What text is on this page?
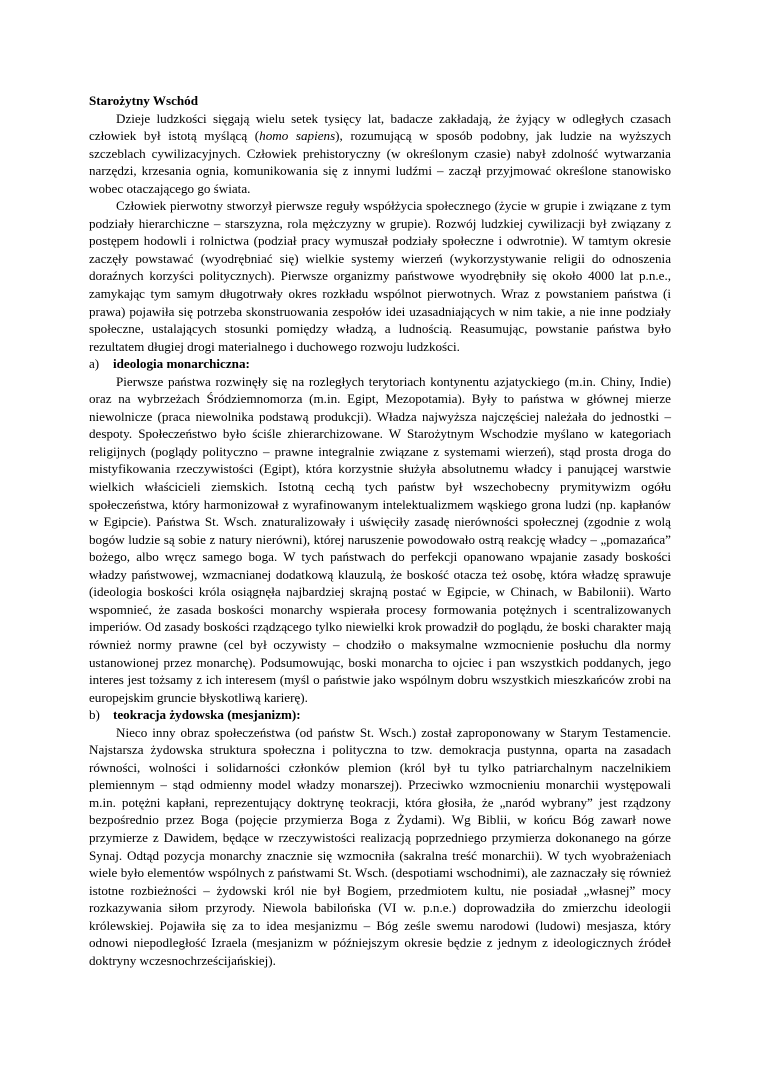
Starożytny Wschód

Dzieje ludzkości sięgają wielu setek tysięcy lat, badacze zakładają, że żyjący w odległych czasach człowiek był istotą myślącą (homo sapiens), rozumującą w sposób podobny, jak ludzie na wyższych szczeblach cywilizacyjnych. Człowiek prehistoryczny (w określonym czasie) nabył zdolność wytwarzania narzędzi, krzesania ognia, komunikowania się z innymi ludźmi – zaczął przyjmować określone stanowisko wobec otaczającego go świata.

Człowiek pierwotny stworzył pierwsze reguły współżycia społecznego (życie w grupie i związane z tym podziały hierarchiczne – starszyzna, rola mężczyzny w grupie). Rozwój ludzkiej cywilizacji był związany z postępem hodowli i rolnictwa (podział pracy wymuszał podziały społeczne i odwrotnie). W tamtym okresie zaczęły powstawać (wyodrębniać się) wielkie systemy wierzeń (wykorzystywanie religii do odnoszenia doraźnych korzyści politycznych). Pierwsze organizmy państwowe wyodrębniły się około 4000 lat p.n.e., zamykając tym samym długotrwały okres rozkładu wspólnot pierwotnych. Wraz z powstaniem państwa (i prawa) pojawiła się potrzeba skonstruowania zespołów idei uzasadniających w nim takie, a nie inne podziały społeczne, ustalających stosunki pomiędzy władzą, a ludnością. Reasumując, powstanie państwa było rezultatem długiej drogi materialnego i duchowego rozwoju ludzkości.

a)	ideologia monarchiczna:

Pierwsze państwa rozwinęły się na rozległych terytoriach kontynentu azjatyckiego (m.in. Chiny, Indie) oraz na wybrzeżach Śródziemnomorza (m.in. Egipt, Mezopotamia). Były to państwa w głównej mierze niewolnicze (praca niewolnika podstawą produkcji). Władza najwyższa najczęściej należała do jednostki – despoty. Społeczeństwo było ściśle zhierarchizowane. W Starożytnym Wschodzie myślano w kategoriach religijnych (poglądy polityczno – prawne integralnie związane z systemami wierzeń), stąd prosta droga do mistyfikowania rzeczywistości (Egipt), która korzystnie służyła absolutnemu władcy i panującej warstwie wielkich właścicieli ziemskich. Istotną cechą tych państw był wszechobecny prymitywizm ogółu społeczeństwa, który harmonizował z wyrafinowanym intelektualizmem wąskiego grona ludzi (np. kapłanów w Egipcie). Państwa St. Wsch. znaturalizowały i uświęciły zasadę nierówności społecznej (zgodnie z wolą bogów ludzie są sobie z natury nierówni), której naruszenie powodowało ostrą reakcję władcy – „pomazańca” bożego, albo wręcz samego boga. W tych państwach do perfekcji opanowano wpajanie zasady boskości władzy państwowej, wzmacnianej dodatkową klauzulą, że boskość otacza też osobę, która władzę sprawuje (ideologia boskości króla osiągnęła najbardziej skrajną postać w Egipcie, w Chinach, w Babilonii). Warto wspomnieć, że zasada boskości monarchy wspierała procesy formowania potężnych i scentralizowanych imperiów. Od zasady boskości rządzącego tylko niewielki krok prowadził do poglądu, że boski charakter mają również normy prawne (cel był oczywisty – chodziło o maksymalne wzmocnienie posłuchu dla normy ustanowionej przez monarchę). Podsumowując, boski monarcha to ojciec i pan wszystkich poddanych, jego interes jest tożsamy z ich interesem (myśl o państwie jako wspólnym dobru wszystkich mieszkańców zrobi na europejskim gruncie błyskotliwą karierę).

b) teokracja żydowska (mesjanizm):

Nieco inny obraz społeczeństwa (od państw St. Wsch.) został zaproponowany w Starym Testamencie. Najstarsza żydowska struktura społeczna i polityczna to tzw. demokracja pustynna, oparta na zasadach równości, wolności i solidarności członków plemion (król był tu tylko patriarchalnym naczelnikiem plemiennym – stąd odmienny model władzy monarszej). Przeciwko wzmocnieniu monarchii występowali m.in. potężni kapłani, reprezentujący doktrynę teokracji, która głosiła, że „naród wybrany” jest rządzony bezpośrednio przez Boga (pojęcie przymierza Boga z Żydami). Wg Biblii, w końcu Bóg zawarł nowe przymierze z Dawidem, będące w rzeczywistości realizacją poprzedniego przymierza dokonanego na górze Synaj. Odtąd pozycja monarchy znacznie się wzmocniła (sakralna treść monarchii). W tych wyobrażeniach wiele było elementów wspólnych z państwami St. Wsch. (despotiami wschodnimi), ale zaznaczały się również istotne rozbieżności – żydowski król nie był Bogiem, przedmiotem kultu, nie posiadał „własnej” mocy rozkazywania siłom przyrody. Niewola babilońska (VI w. p.n.e.) doprowadziła do zmierzchu ideologii królewskiej. Pojawiła się za to idea mesjanizmu – Bóg ześle swemu narodowi (ludowi) mesjasza, który odnowi niepodległość Izraela (mesjanizm w późniejszym okresie będzie z jednym z ideologicznych źródeł doktryny wczesnochrześcijańskiej).
